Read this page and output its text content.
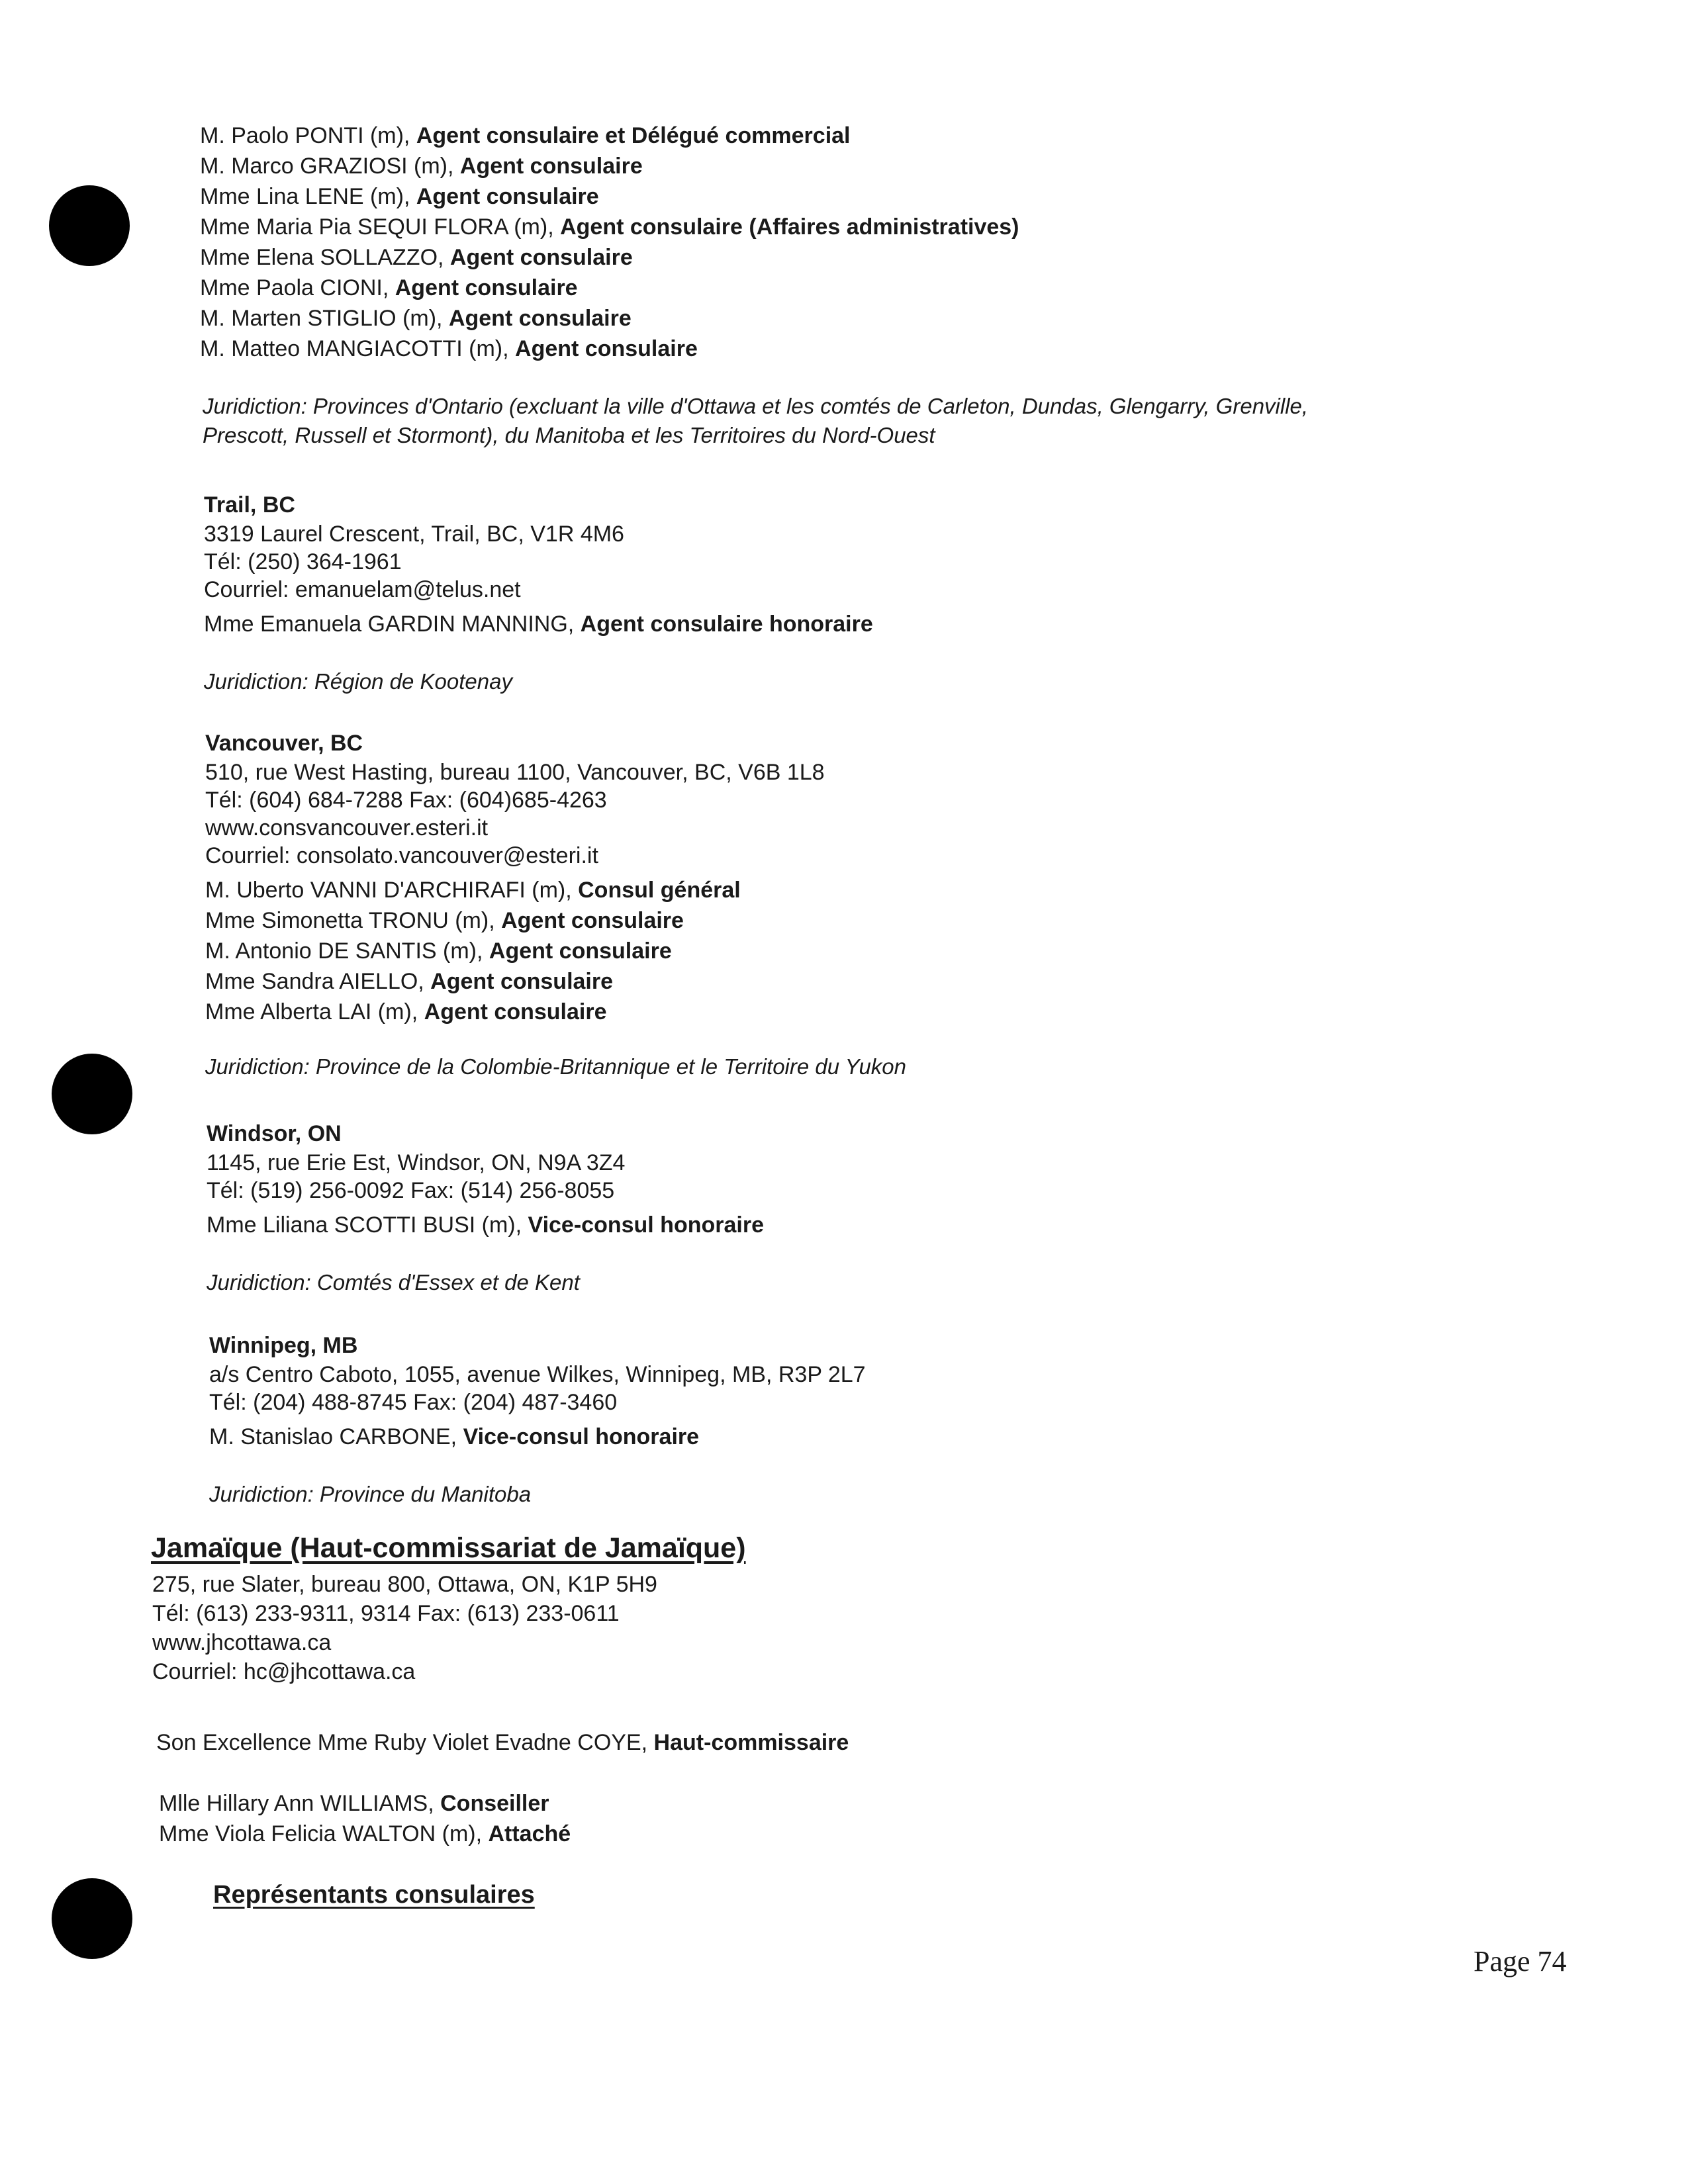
M. Paolo PONTI (m), Agent consulaire et Délégué commercial
M. Marco GRAZIOSI (m), Agent consulaire
Mme Lina LENE (m), Agent consulaire
Mme Maria Pia SEQUI FLORA (m), Agent consulaire (Affaires administratives)
Mme Elena SOLLAZZO, Agent consulaire
Mme Paola CIONI, Agent consulaire
M. Marten STIGLIO (m), Agent consulaire
M. Matteo MANGIACOTTI (m), Agent consulaire
Juridiction: Provinces d'Ontario (excluant la ville d'Ottawa et les comtés de Carleton, Dundas, Glengarry, Grenville,
Prescott, Russell et Stormont), du Manitoba et les Territoires du Nord-Ouest
Trail, BC
3319 Laurel Crescent, Trail, BC, V1R 4M6
Tél: (250) 364-1961
Courriel: emanuelam@telus.net
Mme Emanuela GARDIN MANNING, Agent consulaire honoraire
Juridiction: Région de Kootenay
Vancouver, BC
510, rue West Hasting, bureau 1100, Vancouver, BC, V6B 1L8
Tél: (604) 684-7288 Fax: (604)685-4263
www.consvancouver.esteri.it
Courriel: consolato.vancouver@esteri.it
M. Uberto VANNI D'ARCHIRAFI (m), Consul général
Mme Simonetta TRONU (m), Agent consulaire
M. Antonio DE SANTIS (m), Agent consulaire
Mme Sandra AIELLO, Agent consulaire
Mme Alberta LAI (m), Agent consulaire
Juridiction: Province de la Colombie-Britannique et le Territoire du Yukon
Windsor, ON
1145, rue Erie Est, Windsor, ON, N9A 3Z4
Tél: (519) 256-0092 Fax: (514) 256-8055
Mme Liliana SCOTTI BUSI (m), Vice-consul honoraire
Juridiction: Comtés d'Essex et de Kent
Winnipeg, MB
a/s Centro Caboto, 1055, avenue Wilkes, Winnipeg, MB, R3P 2L7
Tél: (204) 488-8745 Fax: (204) 487-3460
M. Stanislao CARBONE, Vice-consul honoraire
Juridiction: Province du Manitoba
Jamaïque (Haut-commissariat de Jamaïque)
275, rue Slater, bureau 800, Ottawa, ON, K1P 5H9
Tél: (613) 233-9311, 9314 Fax: (613) 233-0611
www.jhcottawa.ca
Courriel: hc@jhcottawa.ca
Son Excellence Mme Ruby Violet Evadne COYE, Haut-commissaire
Mlle Hillary Ann WILLIAMS, Conseiller
Mme Viola Felicia WALTON (m), Attaché
Représentants consulaires
Page 74
